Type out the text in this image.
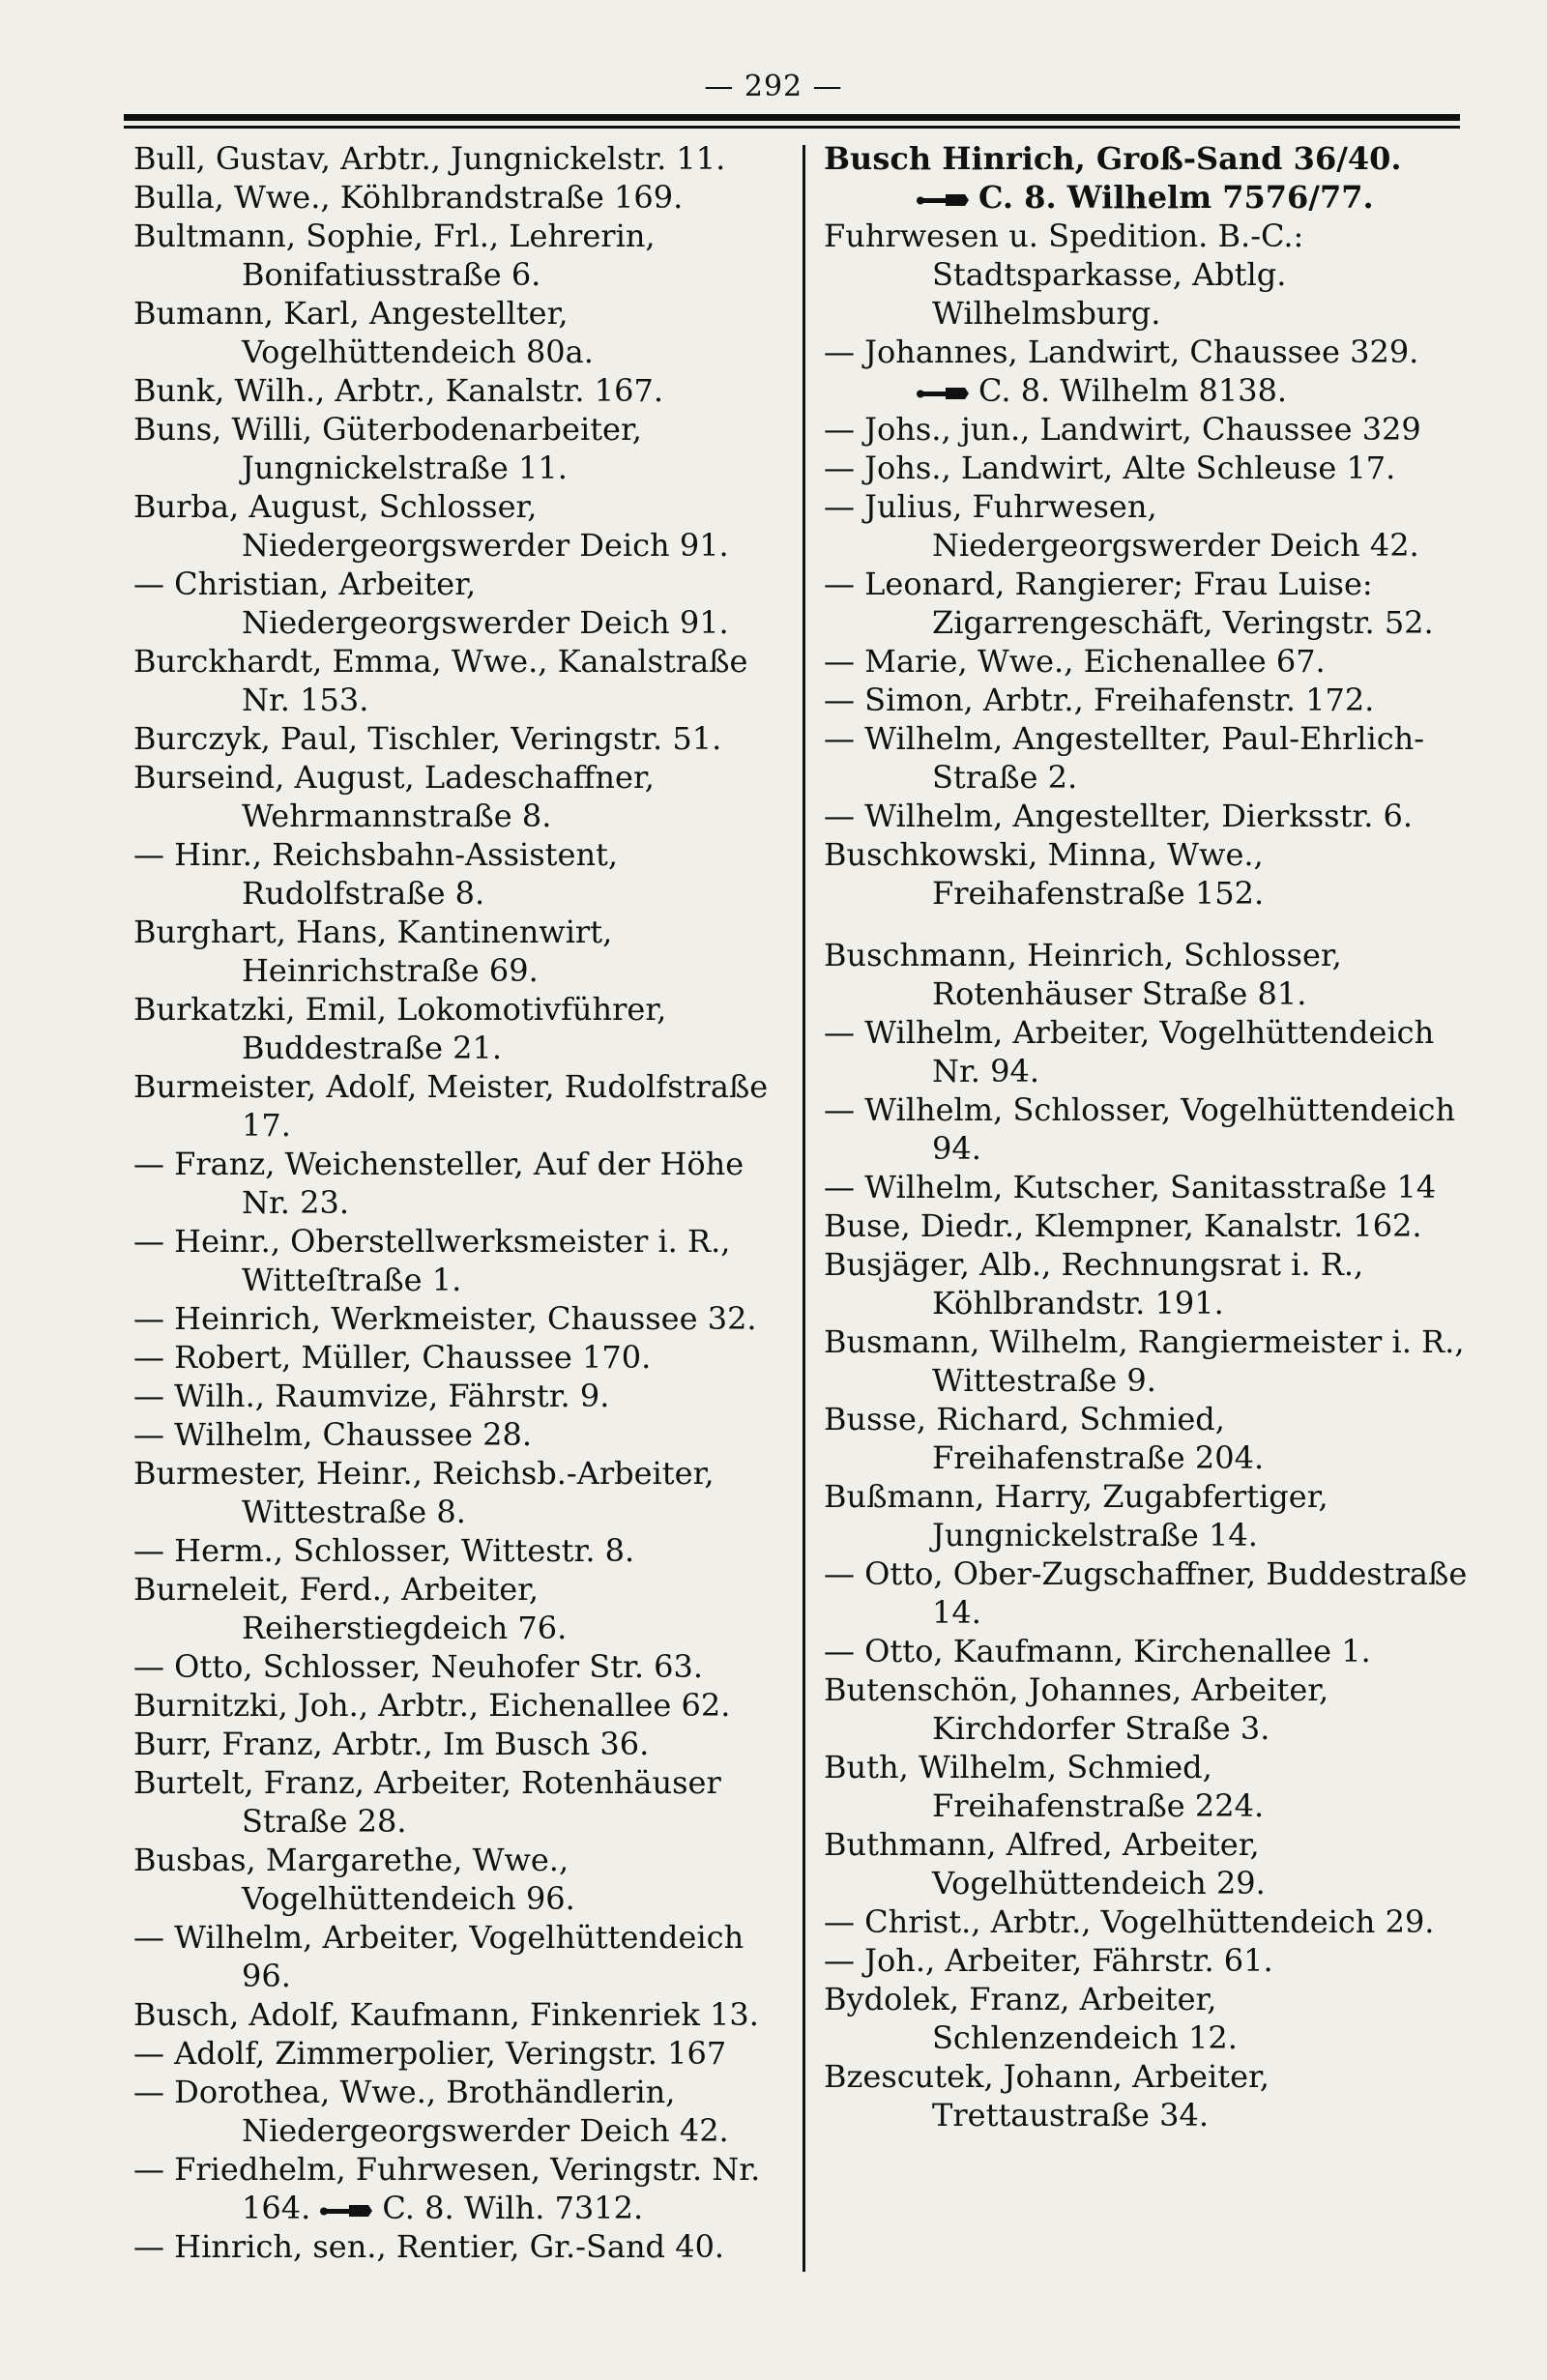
— 292 —
Bull, Gustav, Arbtr., Jungnickelstr. 11.
Bulla, Wwe., Köhlbrandstraße 169.
Bultmann, Sophie, Frl., Lehrerin, Bonifatiusstraße 6.
Bumann, Karl, Angestellter, Vogelhüttendeich 80a.
Bunk, Wilh., Arbtr., Kanalstr. 167.
Buns, Willi, Güterbodenarbeiter, Jungnickelstraße 11.
Burba, August, Schlosser, Niedergeorgswerder Deich 91.
— Christian, Arbeiter, Niedergeorgswerder Deich 91.
Burckhardt, Emma, Wwe., Kanalstraße Nr. 153.
Burczyk, Paul, Tischler, Veringstr. 51.
Burseind, August, Ladeschaffner, Wehrmannstraße 8.
— Hinr., Reichsbahn-Assistent, Rudolfstraße 8.
Burghart, Hans, Kantinenwirt, Heinrichstraße 69.
Burkatzki, Emil, Lokomotivführer, Buddestraße 21.
Burmeister, Adolf, Meister, Rudolfstraße 17.
— Franz, Weichensteller, Auf der Höhe Nr. 23.
— Heinr., Oberstellwerksmeister i. R., Witteſtraße 1.
— Heinrich, Werkmeister, Chaussee 32.
— Robert, Müller, Chaussee 170.
— Wilh., Raumvize, Fährstr. 9.
— Wilhelm, Chaussee 28.
Burmester, Heinr., Reichsb.-Arbeiter, Wittestraße 8.
— Herm., Schlosser, Wittestr. 8.
Burneleit, Ferd., Arbeiter, Reiherstiegdeich 76.
— Otto, Schlosser, Neuhofer Str. 63.
Burnitzki, Joh., Arbtr., Eichenallee 62.
Burr, Franz, Arbtr., Im Busch 36.
Burtelt, Franz, Arbeiter, Rotenhäuser Straße 28.
Busbas, Margarethe, Wwe., Vogelhüttendeich 96.
— Wilhelm, Arbeiter, Vogelhüttendeich 96.
Busch, Adolf, Kaufmann, Finkenriek 13.
— Adolf, Zimmerpolier, Veringstr. 167
— Dorothea, Wwe., Brothändlerin, Niedergeorgswerder Deich 42.
— Friedhelm, Fuhrwesen, Veringstr. Nr. 164. C. 8. Wilh. 7312.
— Hinrich, sen., Rentier, Gr.-Sand 40.
Busch Hinrich, Groß-Sand 36/40.
C. 8. Wilhelm 7576/77.
Fuhrwesen u. Spedition. B.-C.: Stadtsparkasse, Abtlg. Wilhelmsburg.
— Johannes, Landwirt, Chaussee 329.
C. 8. Wilhelm 8138.
— Johs., jun., Landwirt, Chaussee 329
— Johs., Landwirt, Alte Schleuse 17.
— Julius, Fuhrwesen, Niedergeorgswerder Deich 42.
— Leonard, Rangierer; Frau Luise: Zigarrengeschäft, Veringstr. 52.
— Marie, Wwe., Eichenallee 67.
— Simon, Arbtr., Freihafenstr. 172.
— Wilhelm, Angestellter, Paul-Ehrlich-Straße 2.
— Wilhelm, Angestellter, Dierksstr. 6.
Buschkowski, Minna, Wwe., Freihafenstraße 152.
Buschmann, Heinrich, Schlosser, Rotenhäuser Straße 81.
— Wilhelm, Arbeiter, Vogelhüttendeich Nr. 94.
— Wilhelm, Schlosser, Vogelhüttendeich 94.
— Wilhelm, Kutscher, Sanitasstraße 14
Buse, Diedr., Klempner, Kanalstr. 162.
Busjäger, Alb., Rechnungsrat i. R., Köhlbrandstr. 191.
Busmann, Wilhelm, Rangiermeister i. R., Wittestraße 9.
Busse, Richard, Schmied, Freihafenstraße 204.
Bußmann, Harry, Zugabfertiger, Jungnickelstraße 14.
— Otto, Ober-Zugschaffner, Buddestraße 14.
— Otto, Kaufmann, Kirchenallee 1.
Butenschön, Johannes, Arbeiter, Kirchdorfer Straße 3.
Buth, Wilhelm, Schmied, Freihafenstraße 224.
Buthmann, Alfred, Arbeiter, Vogelhüttendeich 29.
— Christ., Arbtr., Vogelhüttendeich 29.
— Joh., Arbeiter, Fährstr. 61.
Bydolek, Franz, Arbeiter, Schlenzendeich 12.
Bzescutek, Johann, Arbeiter, Trettaustraße 34.
